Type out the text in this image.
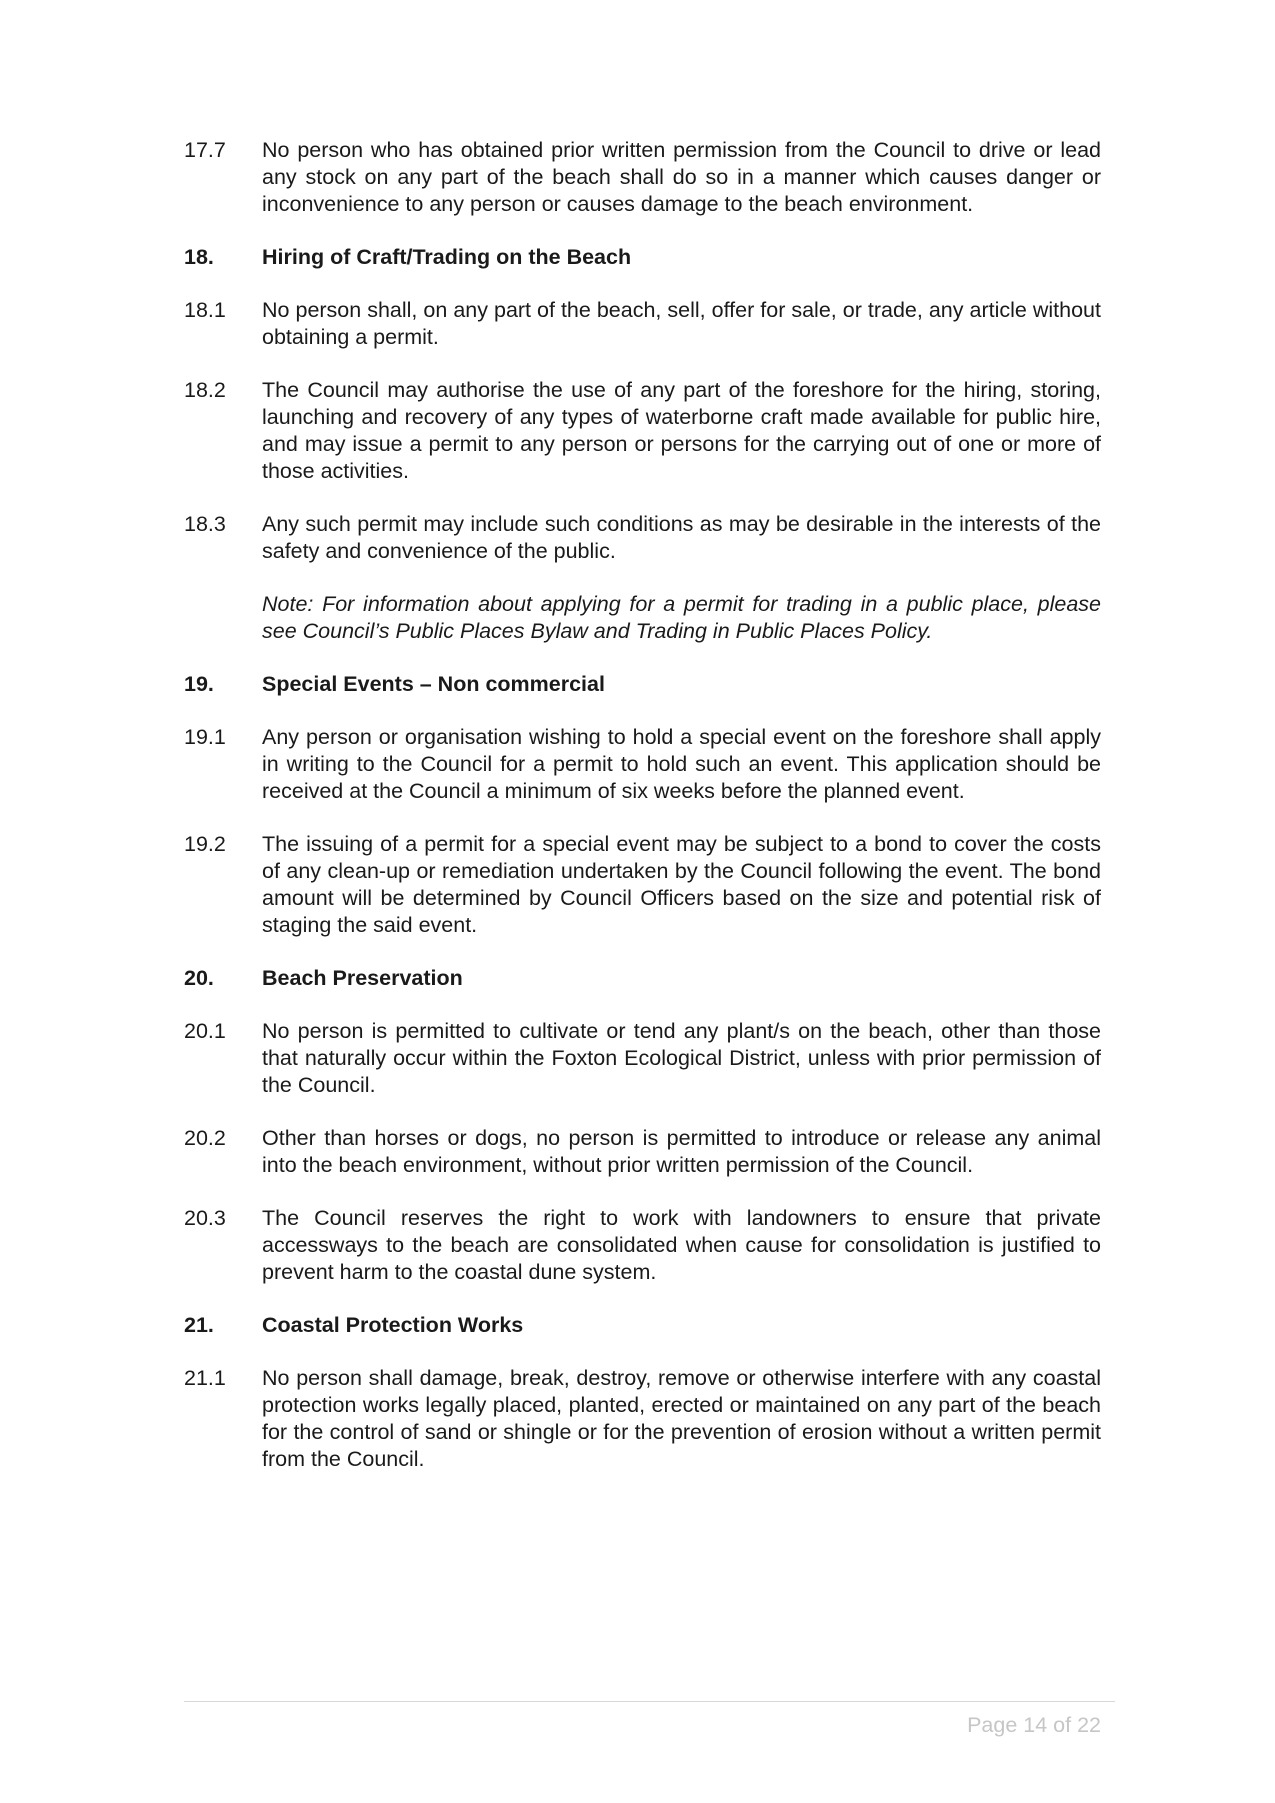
17.7	No person who has obtained prior written permission from the Council to drive or lead any stock on any part of the beach shall do so in a manner which causes danger or inconvenience to any person or causes damage to the beach environment.
18.	Hiring of Craft/Trading on the Beach
18.1	No person shall, on any part of the beach, sell, offer for sale, or trade, any article without obtaining a permit.
18.2	The Council may authorise the use of any part of the foreshore for the hiring, storing, launching and recovery of any types of waterborne craft made available for public hire, and may issue a permit to any person or persons for the carrying out of one or more of those activities.
18.3	Any such permit may include such conditions as may be desirable in the interests of the safety and convenience of the public.
Note: For information about applying for a permit for trading in a public place, please see Council’s Public Places Bylaw and Trading in Public Places Policy.
19.	Special Events – Non commercial
19.1	Any person or organisation wishing to hold a special event on the foreshore shall apply in writing to the Council for a permit to hold such an event. This application should be received at the Council a minimum of six weeks before the planned event.
19.2	The issuing of a permit for a special event may be subject to a bond to cover the costs of any clean-up or remediation undertaken by the Council following the event. The bond amount will be determined by Council Officers based on the size and potential risk of staging the said event.
20.	Beach Preservation
20.1	No person is permitted to cultivate or tend any plant/s on the beach, other than those that naturally occur within the Foxton Ecological District, unless with prior permission of the Council.
20.2	Other than horses or dogs, no person is permitted to introduce or release any animal into the beach environment, without prior written permission of the Council.
20.3	The Council reserves the right to work with landowners to ensure that private accessways to the beach are consolidated when cause for consolidation is justified to prevent harm to the coastal dune system.
21.	Coastal Protection Works
21.1	No person shall damage, break, destroy, remove or otherwise interfere with any coastal protection works legally placed, planted, erected or maintained on any part of the beach for the control of sand or shingle or for the prevention of erosion without a written permit from the Council.
Page 14 of 22
